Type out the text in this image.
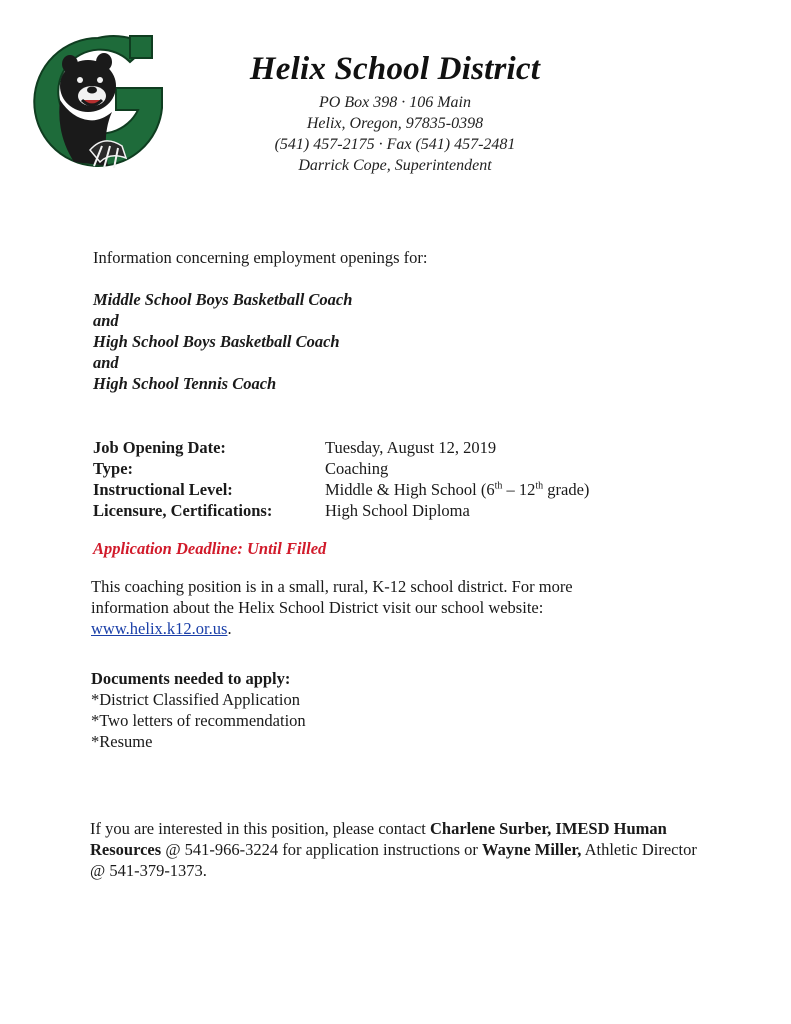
Helix School District
PO Box 398 · 106 Main
Helix, Oregon, 97835-0398
(541) 457-2175 · Fax (541) 457-2481
Darrick Cope, Superintendent
Information concerning employment openings for:
Middle School Boys Basketball Coach
and
High School Boys Basketball Coach
and
High School Tennis Coach
Job Opening Date:	Tuesday, August 12, 2019
Type:	Coaching
Instructional Level:	Middle & High School (6th – 12th grade)
Licensure, Certifications:	High School Diploma
Application Deadline: Until Filled
This coaching position is in a small, rural, K-12 school district. For more information about the Helix School District visit our school website: www.helix.k12.or.us.
Documents needed to apply:
*District Classified Application
*Two letters of recommendation
*Resume
If you are interested in this position, please contact Charlene Surber, IMESD Human Resources @ 541-966-3224 for application instructions or Wayne Miller, Athletic Director @ 541-379-1373.
